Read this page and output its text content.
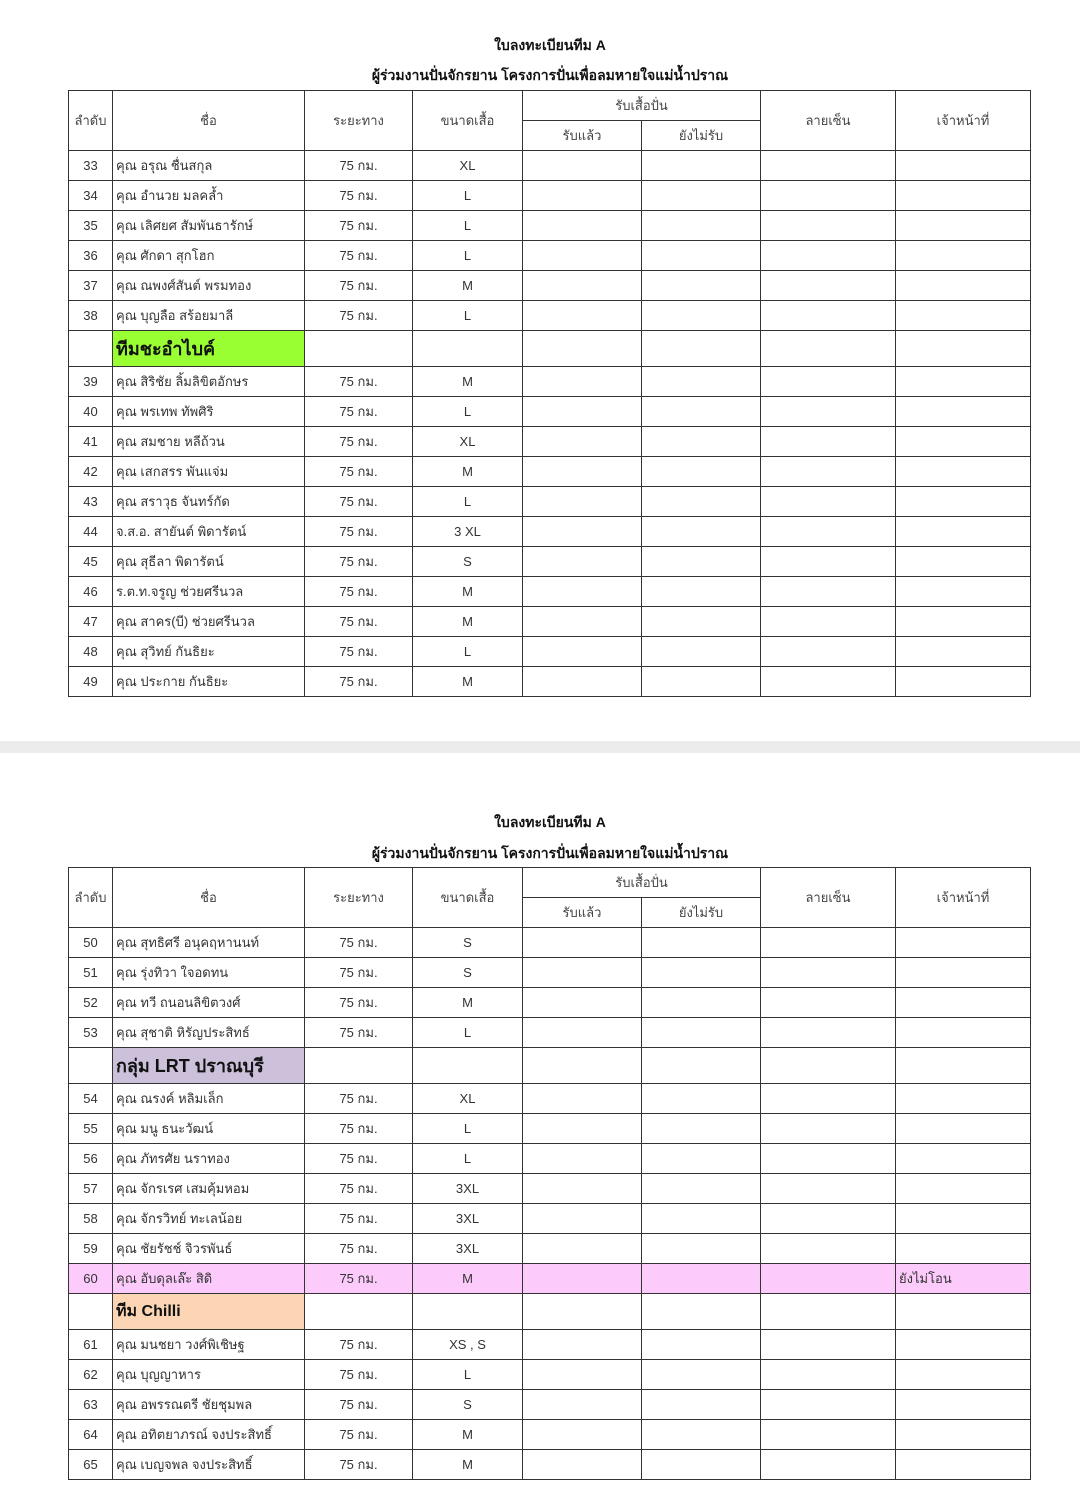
ใบลงทะเบียนทีม A
ผู้ร่วมงานปั่นจักรยาน โครงการปั่นเพื่อลมหายใจแม่น้ำปราณ
ลำดับ	ชื่อ	ระยะทาง	ขนาดเสื้อ	รับเสื้อปั่น		ลายเซ็น	เจ้าหน้าที่
				รับแล้ว	ยังไม่รับ		
33	คุณ อรุณ ชื่นสกุล	75 กม.	XL				
34	คุณ อำนวย มลคล้ำ	75 กม.	L				
35	คุณ เลิศยศ สัมพันธารักษ์	75 กม.	L				
36	คุณ ศักดา สุกโฮก	75 กม.	L				
37	คุณ ณพงศ์สันต์ พรมทอง	75 กม.	M				
38	คุณ บุญลือ สร้อยมาลี	75 กม.	L				
	ทีมชะอำไบค์						
39	คุณ สิริชัย ลิ้มลิขิตอักษร	75 กม.	M				
40	คุณ พรเทพ ทัพศิริ	75 กม.	L				
41	คุณ สมชาย หลีถ้วน	75 กม.	XL				
42	คุณ เสกสรร พันแจ่ม	75 กม.	M				
43	คุณ สราวุธ จันทร์กัด	75 กม.	L				
44	จ.ส.อ. สายันต์ พิดารัตน์	75 กม.	3 XL				
45	คุณ สุธีลา พิดารัตน์	75 กม.	S				
46	ร.ต.ท.จรูญ ช่วยศรีนวล	75 กม.	M				
47	คุณ สาคร(บี) ช่วยศรีนวล	75 กม.	M				
48	คุณ สุวิทย์ กันธิยะ	75 กม.	L				
49	คุณ ประกาย กันธิยะ	75 กม.	M				
ใบลงทะเบียนทีม A
ผู้ร่วมงานปั่นจักรยาน โครงการปั่นเพื่อลมหายใจแม่น้ำปราณ
ลำดับ	ชื่อ	ระยะทาง	ขนาดเสื้อ	รับเสื้อปั่น		ลายเซ็น	เจ้าหน้าที่
				รับแล้ว	ยังไม่รับ		
50	คุณ สุทธิศรี อนุคฤหานนท์	75 กม.	S				
51	คุณ รุ่งทิวา ใจอดทน	75 กม.	S				
52	คุณ ทวี ถนอนลิขิตวงศ์	75 กม.	M				
53	คุณ สุชาติ หิรัญประสิทธ์	75 กม.	L				
	กลุ่ม LRT ปราณบุรี						
54	คุณ ณรงค์ หลิมเล็ก	75 กม.	XL				
55	คุณ มนู ธนะวัฒน์	75 กม.	L				
56	คุณ ภัทรศัย นราทอง	75 กม.	L				
57	คุณ จักรเรศ เสมคุ้มหอม	75 กม.	3XL				
58	คุณ จักรวิทย์ ทะเลน้อย	75 กม.	3XL				
59	คุณ ชัยรัชช์ จิวรพันธ์	75 กม.	3XL				
60	คุณ อับดุลเล๊ะ สิดิ	75 กม.	M				ยังไม่โอน
	ทีม Chilli						
61	คุณ มนชยา วงศ์พิเชิษฐ	75 กม.	XS , S				
62	คุณ บุญญาหาร	75 กม.	L				
63	คุณ อพรรณตรี ชัยชุมพล	75 กม.	S				
64	คุณ อทิตยาภรณ์ จงประสิทธิ์	75 กม.	M				
65	คุณ เบญจพล จงประสิทธิ์	75 กม.	M				
